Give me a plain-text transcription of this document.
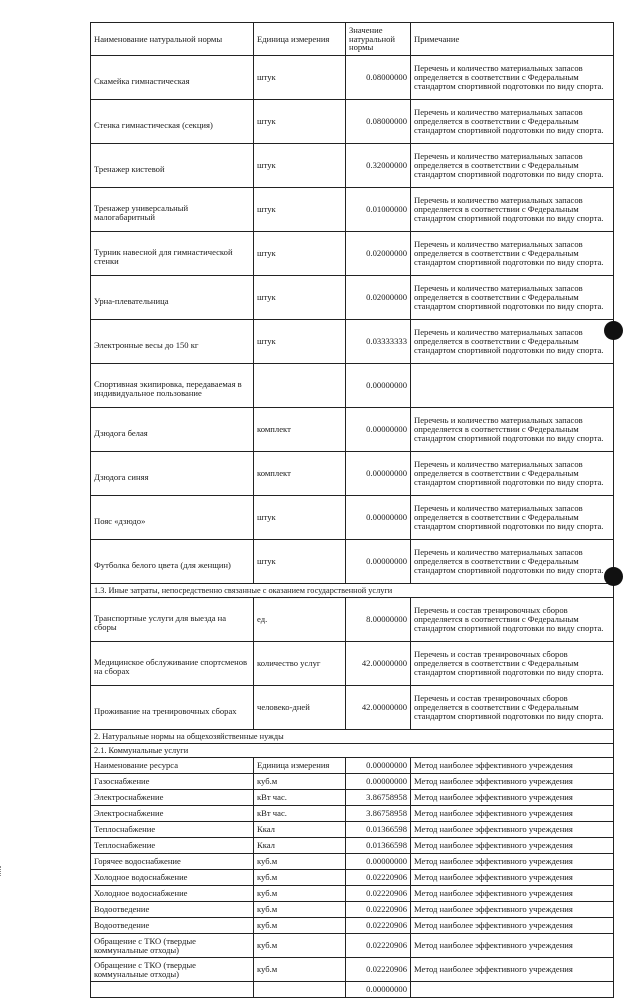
Наименование натуральной нормы	Единица измерения	Значение натуральной нормы	Примечание
Скамейка гимнастическая	штук	0.08000000	Перечень и количество материальных запасов определяется в соответствии с Федеральным стандартом спортивной подготовки по виду спорта.
Стенка гимнастическая (секция)	штук	0.08000000	Перечень и количество материальных запасов определяется в соответствии с Федеральным стандартом спортивной подготовки по виду спорта.
Тренажер кистевой	штук	0.32000000	Перечень и количество материальных запасов определяется в соответствии с Федеральным стандартом спортивной подготовки по виду спорта.
Тренажер универсальный малогабаритный	штук	0.01000000	Перечень и количество материальных запасов определяется в соответствии с Федеральным стандартом спортивной подготовки по виду спорта.
Турник навесной для гимнастической стенки	штук	0.02000000	Перечень и количество материальных запасов определяется в соответствии с Федеральным стандартом спортивной подготовки по виду спорта.
Урна-плевательница	штук	0.02000000	Перечень и количество материальных запасов определяется в соответствии с Федеральным стандартом спортивной подготовки по виду спорта.
Электронные весы до 150 кг	штук	0.03333333	Перечень и количество материальных запасов определяется в соответствии с Федеральным стандартом спортивной подготовки по виду спорта.
Спортивная экипировка, передаваемая в индивидуальное пользование		0.00000000	
Дзюдога белая	комплект	0.00000000	Перечень и количество материальных запасов определяется в соответствии с Федеральным стандартом спортивной подготовки по виду спорта.
Дзюдога синяя	комплект	0.00000000	Перечень и количество материальных запасов определяется в соответствии с Федеральным стандартом спортивной подготовки по виду спорта.
Пояс «дзюдо»	штук	0.00000000	Перечень и количество материальных запасов определяется в соответствии с Федеральным стандартом спортивной подготовки по виду спорта.
Футболка белого цвета (для женщин)	штук	0.00000000	Перечень и количество материальных запасов определяется в соответствии с Федеральным стандартом спортивной подготовки по виду спорта.
1.3. Иные затраты, непосредственно связанные с оказанием государственной услуги			
Транспортные услуги для выезда на сборы	ед.	8.00000000	Перечень и состав тренировочных сборов определяется в соответствии с Федеральным стандартом спортивной подготовки по виду спорта.
Медицинское обслуживание спортсменов на сборах	количество услуг	42.00000000	Перечень и состав тренировочных сборов определяется в соответствии с Федеральным стандартом спортивной подготовки по виду спорта.
Проживание на тренировочных сборах	человеко-дней	42.00000000	Перечень и состав тренировочных сборов определяется в соответствии с Федеральным стандартом спортивной подготовки по виду спорта.
2. Натуральные нормы на общехозяйственные нужды			
2.1. Коммунальные услуги			
Наименование ресурса	Единица измерения	0.00000000	Метод наиболее эффективного учреждения
Газоснабжение	куб.м	0.00000000	Метод наиболее эффективного учреждения
Электроснабжение	кВт час.	3.86758958	Метод наиболее эффективного учреждения
Электроснабжение	кВт час.	3.86758958	Метод наиболее эффективного учреждения
Теплоснабжение	Ккал	0.01366598	Метод наиболее эффективного учреждения
Теплоснабжение	Ккал	0.01366598	Метод наиболее эффективного учреждения
Горячее водоснабжение	куб.м	0.00000000	Метод наиболее эффективного учреждения
Холодное водоснабжение	куб.м	0.02220906	Метод наиболее эффективного учреждения
Холодное водоснабжение	куб.м	0.02220906	Метод наиболее эффективного учреждения
Водоотведение	куб.м	0.02220906	Метод наиболее эффективного учреждения
Водоотведение	куб.м	0.02220906	Метод наиболее эффективного учреждения
Обращение с ТКО (твердые коммунальные отходы)	куб.м	0.02220906	Метод наиболее эффективного учреждения
Обращение с ТКО (твердые коммунальные отходы)	куб.м	0.02220906	Метод наиболее эффективного учреждения
		0.00000000	
